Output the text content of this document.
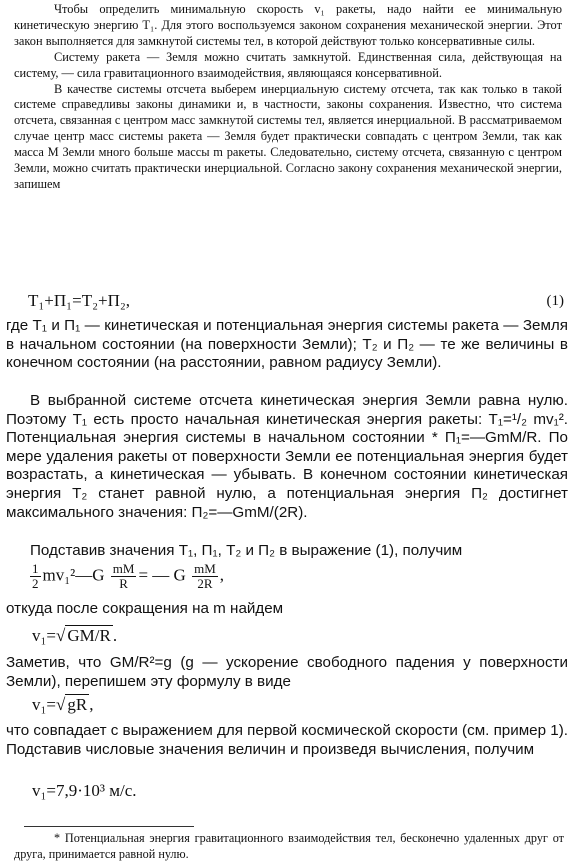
Чтобы определить минимальную скорость v₁ ракеты, надо найти ее минимальную кинетическую энергию T₁. Для этого воспользуемся законом сохранения механической энергии. Этот закон выполняется для замкнутой системы тел, в которой действуют только консервативные силы.

Систему ракета — Земля можно считать замкнутой. Единственная сила, действующая на систему, — сила гравитационного взаимодействия, являющаяся консервативной.

В качестве системы отсчета выберем инерциальную систему отсчета, так как только в такой системе справедливы законы динамики и, в частности, законы сохранения. Известно, что система отсчета, связанная с центром масс замкнутой системы тел, является инерциальной. В рассматриваемом случае центр масс системы ракета — Земля будет практически совпадать с центром Земли, так как масса M Земли много больше массы m ракеты. Следовательно, систему отсчета, связанную с центром Земли, можно считать практически инерциальной. Согласно закону сохранения механической энергии, запишем

T₁+Π₁=T₂+Π₂,	(1)

где T₁ и Π₁ — кинетическая и потенциальная энергия системы ракета — Земля в начальном состоянии (на поверхности Земли); T₂ и Π₂ — те же величины в конечном состоянии (на расстоянии, равном радиусу Земли).

В выбранной системе отсчета кинетическая энергия Земли равна нулю. Поэтому T₁ есть просто начальная кинетическая энергия ракеты: T₁=¹/₂ mv₁². Потенциальная энергия системы в начальном состоянии * Π₁=—GmM/R. По мере удаления ракеты от поверхности Земли ее потенциальная энергия будет возрастать, а кинетическая — убывать. В конечном состоянии кинетическая энергия T₂ станет равной нулю, а потенциальная энергия Π₂ достигнет максимального значения: Π₂=—GmM/(2R).

Подставив значения T₁, Π₁, T₂ и Π₂ в выражение (1), получим

$\frac{1}{2}$ mv₁²—G $\frac{mM}{R}$ = — G $\frac{mM}{2R}$ ,

откуда после сокращения на m найдем

v₁=√ GM/R .

Заметив, что GM/R²=g (g — ускорение свободного падения у поверхности Земли), перепишем эту формулу в виде

v₁=√ gR ,

что совпадает с выражением для первой космической скорости (см. пример 1). Подставив числовые значения величин и произведя вычисления, получим

v₁=7,9·10³ м/с.

* Потенциальная энергия гравитационного взаимодействия тел, бесконечно удаленных друг от друга, принимается равной нулю.
